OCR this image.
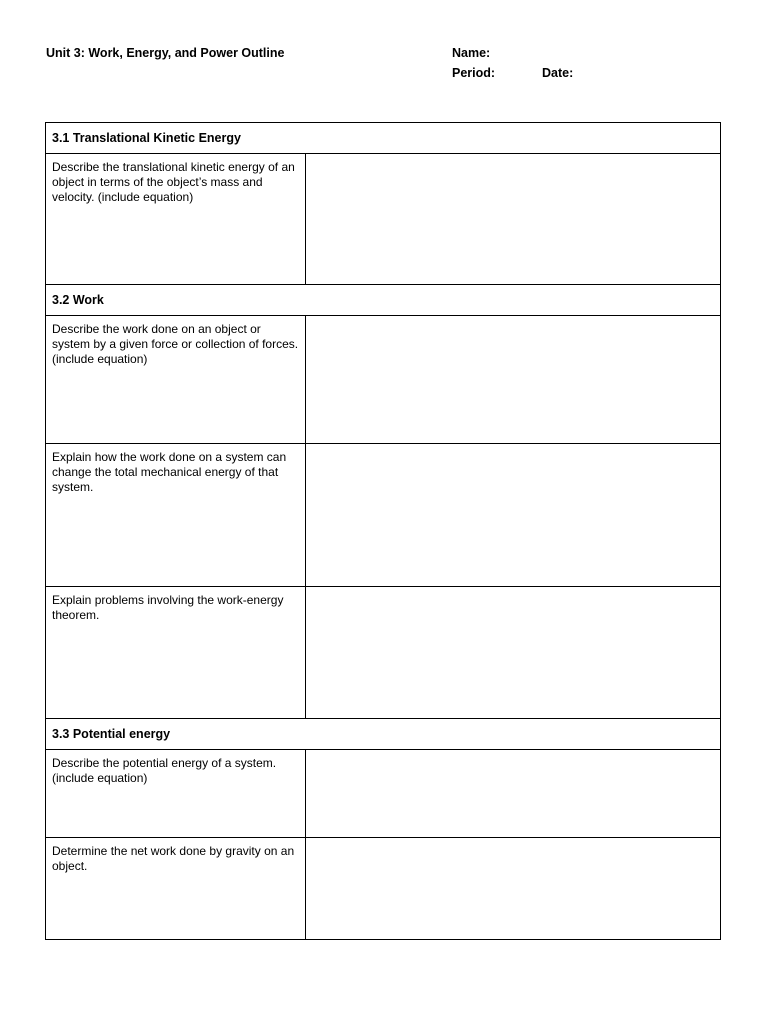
Unit 3: Work, Energy, and Power Outline	Name:
Period:	Date:
3.1 Translational Kinetic Energy	
Describe the translational kinetic energy of an object in terms of the object’s mass and velocity. (include equation)	
3.2 Work	
Describe the work done on an object or system by a given force or collection of forces. (include equation)	
Explain how the work done on a system can change the total mechanical energy of that system.	
Explain problems involving the work-energy theorem.	
3.3 Potential energy	
Describe the potential energy of a system. (include equation)	
Determine the net work done by gravity on an object.	
